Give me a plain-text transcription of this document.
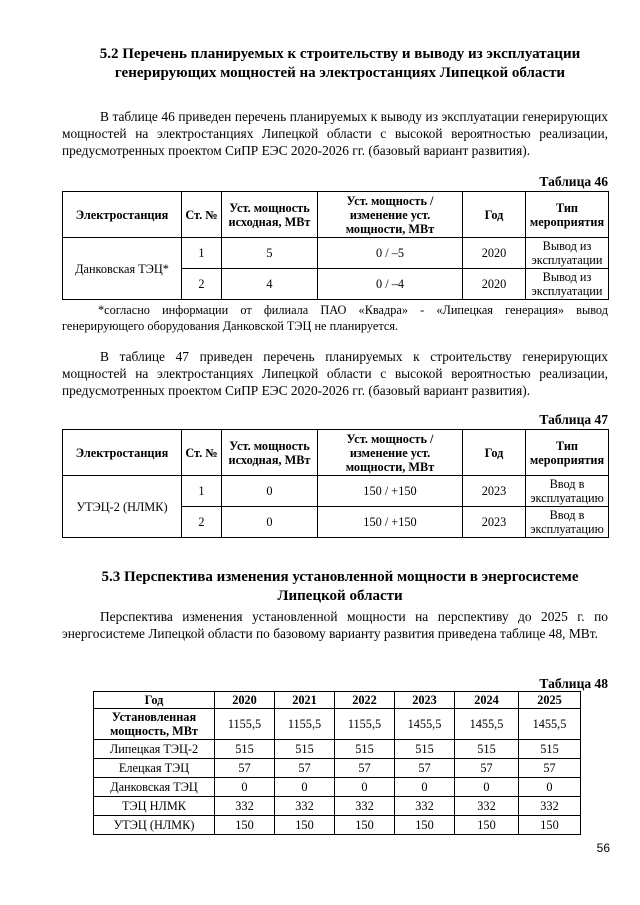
5.2 Перечень планируемых к строительству и выводу из эксплуатации
генерирующих мощностей на электростанциях Липецкой области
В таблице 46 приведен перечень планируемых к выводу из эксплуатации генерирующих мощностей на электростанциях Липецкой области с высокой вероятностью реализации, предусмотренных проектом СиПР ЕЭС 2020-2026 гг. (базовый вариант развития).
Таблица 46
Электростанция	Ст. №	Уст. мощность исходная, МВт	Уст. мощность / изменение уст. мощности, МВт	Год	Тип мероприятия
Данковская ТЭЦ*	1	5	0 / –5	2020	Вывод из эксплуатации
	2	4	0 / –4	2020	Вывод из эксплуатации
*согласно информации от филиала ПАО «Квадра» - «Липецкая генерация» вывод генерирующего оборудования Данковской ТЭЦ не планируется.
В таблице 47 приведен перечень планируемых к строительству генерирующих мощностей на электростанциях Липецкой области с высокой вероятностью реализации, предусмотренных проектом СиПР ЕЭС 2020-2026 гг. (базовый вариант развития).
Таблица 47
Электростанция	Ст. №	Уст. мощность исходная, МВт	Уст. мощность / изменение уст. мощности, МВт	Год	Тип мероприятия
УТЭЦ-2 (НЛМК)	1	0	150 / +150	2023	Ввод в эксплуатацию
	2	0	150 / +150	2023	Ввод в эксплуатацию
5.3 Перспектива изменения установленной мощности в энергосистеме
Липецкой области
Перспектива изменения установленной мощности на перспективу до 2025 г. по энергосистеме Липецкой области по базовому варианту развития приведена таблице 48, МВт.
Таблица 48
Год	2020	2021	2022	2023	2024	2025
Установленная мощность, МВт	1155,5	1155,5	1155,5	1455,5	1455,5	1455,5
Липецкая ТЭЦ-2	515	515	515	515	515	515
Елецкая ТЭЦ	57	57	57	57	57	57
Данковская ТЭЦ	0	0	0	0	0	0
ТЭЦ НЛМК	332	332	332	332	332	332
УТЭЦ (НЛМК)	150	150	150	150	150	150
56
